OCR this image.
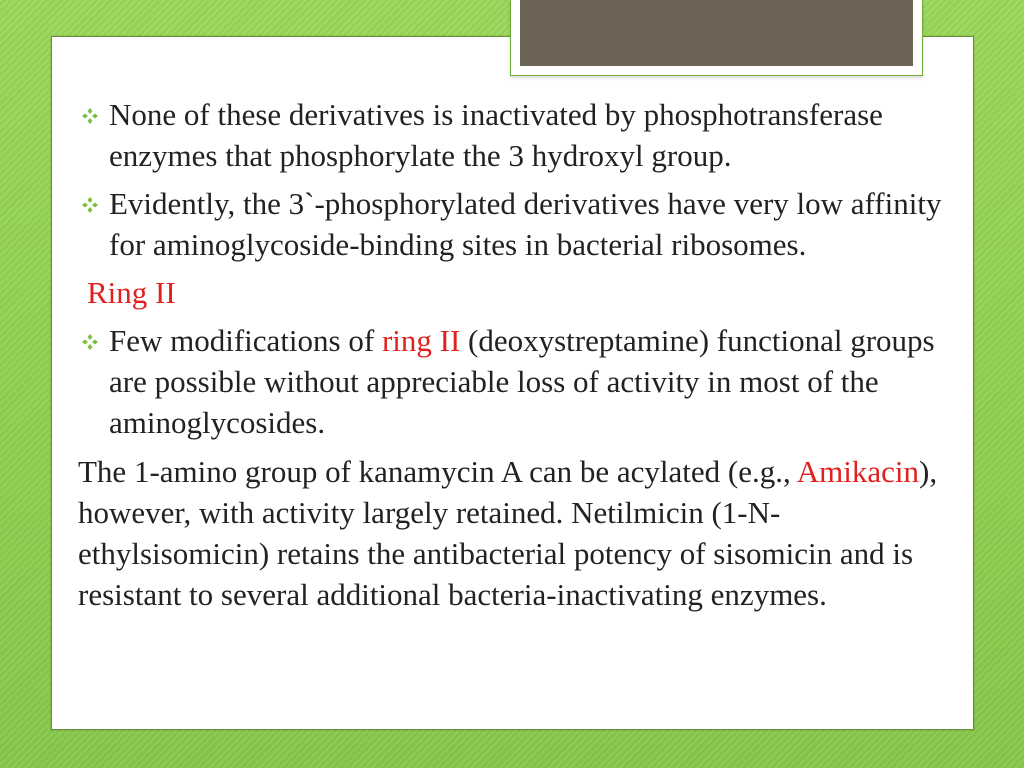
None of these derivatives is inactivated by phosphotransferase enzymes that phosphorylate the 3 hydroxyl group.
Evidently, the 3`-phosphorylated derivatives have very low affinity for aminoglycoside-binding sites in bacterial ribosomes.
Ring II
Few modifications of ring II (deoxystreptamine) functional groups are possible without appreciable loss of activity in most of the aminoglycosides.
The 1-amino group of kanamycin A can be acylated (e.g., Amikacin), however, with activity largely retained. Netilmicin (1-N-ethylsisomicin) retains the antibacterial potency of sisomicin and is resistant to several additional bacteria-inactivating enzymes.
